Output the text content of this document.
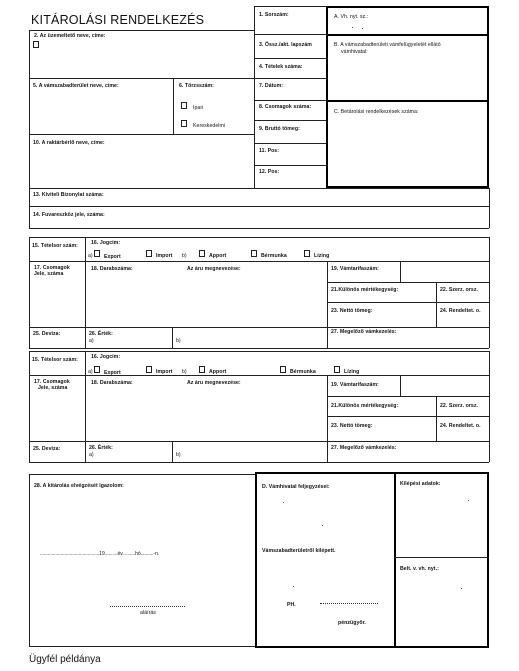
KITÁROLÁSI RENDELKEZÉS	1. Sorszám:	A. Vh. nyt. sz.:
2. Az üzemeltető neve, címe:
3. Össz./akt. lapszám	B. A vámszabadterületi vámfelügyeletét ellátó
vámhivatal:
4. Tételek száma:
5. A vámszabadterület neve, címe:	6. Törzsszám:	7. Dátum:
Ipari
Kereskedelmi
8. Csomagok száma:
C. Betárolási rendelkezések száma:
9. Bruttó tömeg:
10. A raktárbérlő neve, címe:
11. Pos:
12. Pos:
13. Kiviteli Bizonylat száma:
14. Fuvareszköz jele, száma:
15. Tételsor szám:	16. Jogcím:
a) Export	Import b)	Apport	Bérmunka	Lízing
17. Csomagok
Jele, száma
18. Darabszáma:	Az áru megnevezése:	19. Vámtarifaszám:
21.Különös mértékegység:	22. Szerz. orsz.
23. Nettó tömeg:	24. Rendeltet. o.
25. Deviza:	26. Érték:
a)	b)
27. Megelőző vámkezelés:
15. Tételsor szám:	16. Jogcím:
a) Export	Import b)	Apport	Bérmunka	Lízing
17. Csomagok
Jele, száma
18. Darabszáma:	Az áru megnevezése:	19. Vámtarifaszám:
21.Különös mértékegység:	22. Szerz. orsz.
23. Nettó tömeg:	24. Rendeltet. o.
25. Deviza:	26. Érték:
a)	b)
27. Megelőző vámkezelés:
28. A kitárolás elvégzését igazolom:
..............................................19..........év..........hó..........-n.
aláírás
D. Vámhivatal feljegyzései:	Kilépési adatok:
Vámszabadterületről kilépett.
PH.
pénzügyőr.
Belt. v. vh. nyt.:
Ügyfél példánya
